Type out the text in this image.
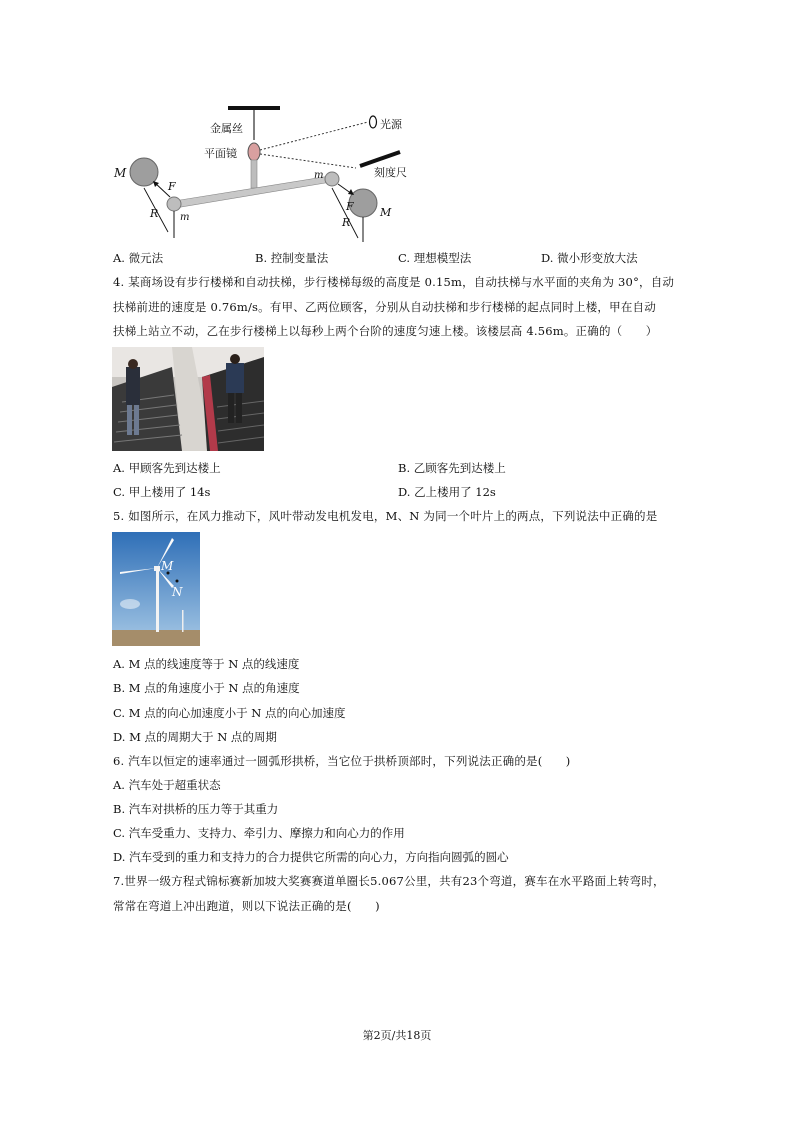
金属丝
平面镜
光源
刻度尺
M
F
R m
m
F
R
M
A. 微元法	B. 控制变量法	C. 理想模型法	D. 微小形变放大法
4. 某商场设有步行楼梯和自动扶梯，步行楼梯每级的高度是 0.15m，自动扶梯与水平面的夹角为 30°，自动
扶梯前进的速度是 0.76m/s。有甲、乙两位顾客，分别从自动扶梯和步行楼梯的起点同时上楼，甲在自动
扶梯上站立不动，乙在步行楼梯上以每秒上两个台阶的速度匀速上楼。该楼层高 4.56m。正确的（　　）
A. 甲顾客先到达楼上	B. 乙顾客先到达楼上
C. 甲上楼用了 14s	D. 乙上楼用了 12s
5. 如图所示，在风力推动下，风叶带动发电机发电，M、N 为同一个叶片上的两点，下列说法中正确的是
M
N
A. M 点的线速度等于 N 点的线速度
B. M 点的角速度小于 N 点的角速度
C. M 点的向心加速度小于 N 点的向心加速度
D. M 点的周期大于 N 点的周期
6. 汽车以恒定的速率通过一圆弧形拱桥，当它位于拱桥顶部时，下列说法正确的是(　　)
A. 汽车处于超重状态
B. 汽车对拱桥的压力等于其重力
C. 汽车受重力、支持力、牵引力、摩擦力和向心力的作用
D. 汽车受到的重力和支持力的合力提供它所需的向心力，方向指向圆弧的圆心
7.世界一级方程式锦标赛新加坡大奖赛赛道单圈长5.067公里，共有23个弯道，赛车在水平路面上转弯时，
常常在弯道上冲出跑道，则以下说法正确的是(　　)
第2页/共18页
